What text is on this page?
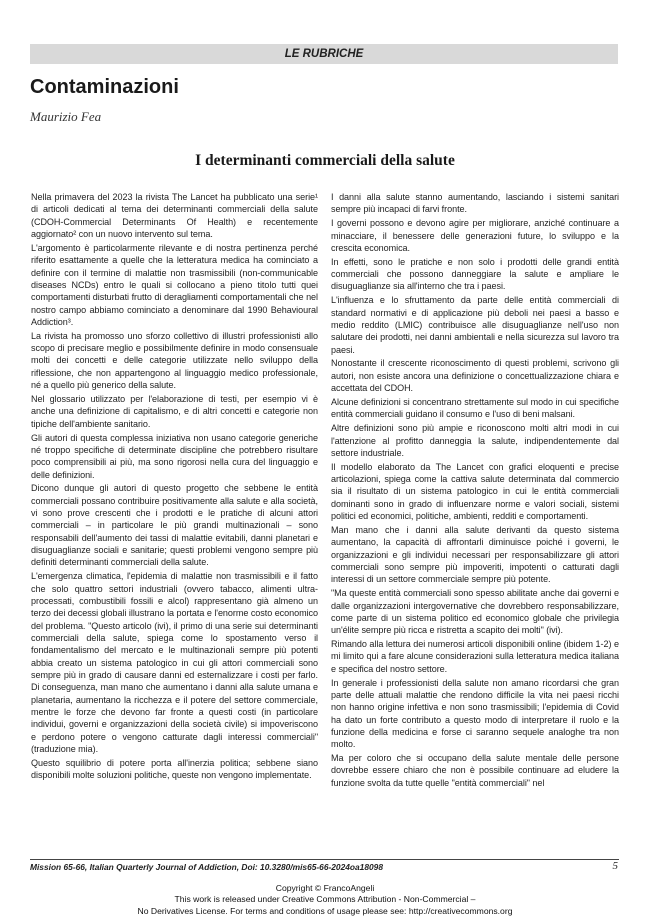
LE RUBRICHE
Contaminazioni
Maurizio Fea
I determinanti commerciali della salute

Nella primavera del 2023 la rivista The Lancet ha pubblicato una serie¹ di articoli dedicati al tema dei determinanti commerciali della salute (CDOH-Commercial Determinants Of Health) e recentemente aggiornato² con un nuovo intervento sul tema.

L'argomento è particolarmente rilevante e di nostra pertinenza perché riferito esattamente a quelle che la letteratura medica ha cominciato a definire con il termine di malattie non trasmissibili (non-communicable diseases NCDs) entro le quali si collocano a pieno titolo tutti quei comportamenti disturbati frutto di deragliamenti comportamentali che nel nostro campo abbiamo cominciato a denominare dal 1990 Behavioural Addiction³.

La rivista ha promosso uno sforzo collettivo di illustri professionisti allo scopo di precisare meglio e possibilmente definire in modo consensuale molti dei concetti e delle categorie utilizzate nello sviluppo della riflessione, che non appartengono al linguaggio medico professionale, né a quello più generico della salute.

Nel glossario utilizzato per l'elaborazione di testi, per esempio vi è anche una definizione di capitalismo, e di altri concetti e categorie non tipiche dell'ambiente sanitario.

Gli autori di questa complessa iniziativa non usano categorie generiche né troppo specifiche di determinate discipline che potrebbero risultare poco comprensibili ai più, ma sono rigorosi nella cura del linguaggio e delle definizioni.

Dicono dunque gli autori di questo progetto che sebbene le entità commerciali possano contribuire positivamente alla salute e alla società, vi sono prove crescenti che i prodotti e le pratiche di alcuni attori commerciali – in particolare le più grandi multinazionali – sono responsabili dell'aumento dei tassi di malattie evitabili, danni planetari e disuguaglianze sociali e sanitarie; questi problemi vengono sempre più definiti determinanti commerciali della salute.

L'emergenza climatica, l'epidemia di malattie non trasmissibili e il fatto che solo quattro settori industriali (ovvero tabacco, alimenti ultra-processati, combustibili fossili e alcol) rappresentano già almeno un terzo dei decessi globali illustrano la portata e l'enorme costo economico del problema. "Questo articolo (ivi), il primo di una serie sui determinanti commerciali della salute, spiega come lo spostamento verso il fondamentalismo del mercato e le multinazionali sempre più potenti abbia creato un sistema patologico in cui gli attori commerciali sono sempre più in grado di causare danni ed esternalizzare i costi per farlo. Di conseguenza, man mano che aumentano i danni alla salute umana e planetaria, aumentano la ricchezza e il potere del settore commerciale, mentre le forze che devono far fronte a questi costi (in particolare individui, governi e organizzazioni della società civile) si impoveriscono e perdono potere o vengono catturate dagli interessi commerciali" (traduzione mia).

Questo squilibrio di potere porta all'inerzia politica; sebbene siano disponibili molte soluzioni politiche, queste non vengono implementate.

I danni alla salute stanno aumentando, lasciando i sistemi sanitari sempre più incapaci di farvi fronte.

I governi possono e devono agire per migliorare, anziché continuare a minacciare, il benessere delle generazioni future, lo sviluppo e la crescita economica.

In effetti, sono le pratiche e non solo i prodotti delle grandi entità commerciali che possono danneggiare la salute e ampliare le disuguaglianze sia all'interno che tra i paesi.

L'influenza e lo sfruttamento da parte delle entità commerciali di standard normativi e di applicazione più deboli nei paesi a basso e medio reddito (LMIC) contribuisce alle disuguaglianze nell'uso non salutare dei prodotti, nei danni ambientali e nella sicurezza sul lavoro tra paesi.

Nonostante il crescente riconoscimento di questi problemi, scrivono gli autori, non esiste ancora una definizione o concettualizzazione chiara e accettata del CDOH.

Alcune definizioni si concentrano strettamente sul modo in cui specifiche entità commerciali guidano il consumo e l'uso di beni malsani.

Altre definizioni sono più ampie e riconoscono molti altri modi in cui l'attenzione al profitto danneggia la salute, indipendentemente dal settore industriale.

Il modello elaborato da The Lancet con grafici eloquenti e precise articolazioni, spiega come la cattiva salute determinata dal commercio sia il risultato di un sistema patologico in cui le entità commerciali dominanti sono in grado di influenzare norme e valori sociali, sistemi politici ed economici, politiche, ambienti, redditi e comportamenti.

Man mano che i danni alla salute derivanti da questo sistema aumentano, la capacità di affrontarli diminuisce poiché i governi, le organizzazioni e gli individui necessari per responsabilizzare gli attori commerciali sono sempre più impoveriti, impotenti o catturati dagli interessi di un settore commerciale sempre più potente.

"Ma queste entità commerciali sono spesso abilitate anche dai governi e dalle organizzazioni intergovernative che dovrebbero responsabilizzare, come parte di un sistema politico ed economico globale che privilegia un'élite sempre più ricca e ristretta a scapito dei molti" (ivi).

Rimando alla lettura dei numerosi articoli disponibili online (ibidem 1-2) e mi limito qui a fare alcune considerazioni sulla letteratura medica italiana e specifica del nostro settore.

In generale i professionisti della salute non amano ricordarsi che gran parte delle attuali malattie che rendono difficile la vita nei paesi ricchi non hanno origine infettiva e non sono trasmissibili; l'epidemia di Covid ha dato un forte contributo a questo modo di interpretare il ruolo e la funzione della medicina e forse ci saranno sequele analoghe tra non molto.

Ma per coloro che si occupano della salute mentale delle persone dovrebbe essere chiaro che non è possibile continuare ad eludere la funzione svolta da tutte quelle "entità commerciali" nel

Mission 65-66, Italian Quarterly Journal of Addiction, Doi: 10.3280/mis65-66-2024oa18098	5
Copyright © FrancoAngeli
This work is released under Creative Commons Attribution - Non-Commercial –
No Derivatives License. For terms and conditions of usage please see: http://creativecommons.org
